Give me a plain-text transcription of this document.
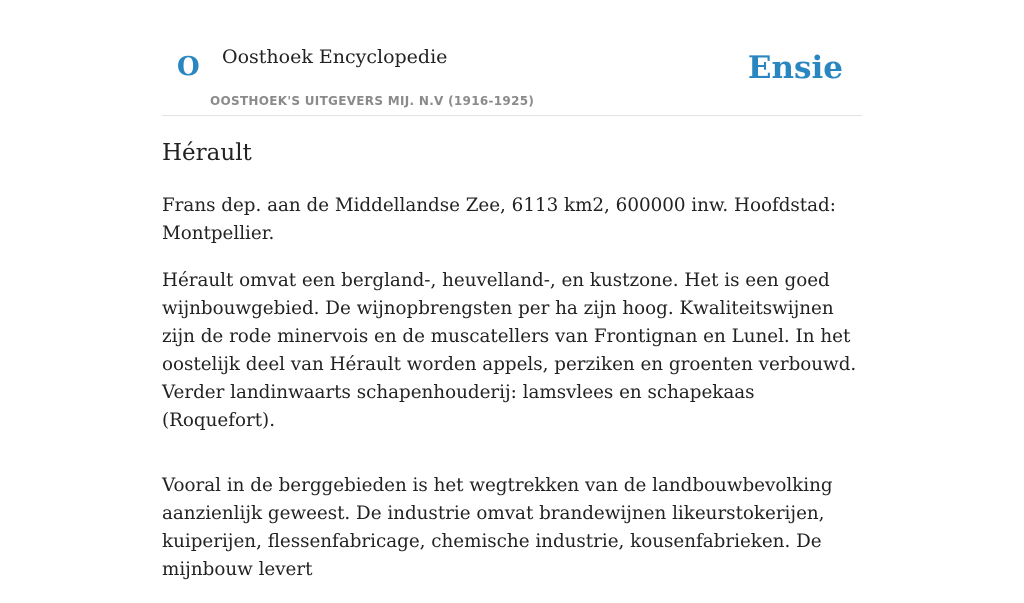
O Oosthoek Encyclopedie
OOSTHOEK'S UITGEVERS MIJ. N.V (1916-1925)
Ensie
Hérault

Frans dep. aan de Middellandse Zee, 6113 km2, 600000 inw. Hoofdstad: Montpellier.

Hérault omvat een bergland-, heuvelland-, en kustzone. Het is een goed wijnbouwgebied. De wijnopbrengsten per ha zijn hoog. Kwaliteitswijnen zijn de rode minervois en de muscatellers van Frontignan en Lunel. In het oostelijk deel van Hérault worden appels, perziken en groenten verbouwd. Verder landinwaarts schapenhouderij: lamsvlees en schapekaas (Roquefort).

Vooral in de berggebieden is het wegtrekken van de landbouwbevolking aanzienlijk geweest. De industrie omvat brandewijnen likeurstokerijen, kuiperijen, flessenfabricage, chemische industrie, kousenfabrieken. De mijnbouw levert
